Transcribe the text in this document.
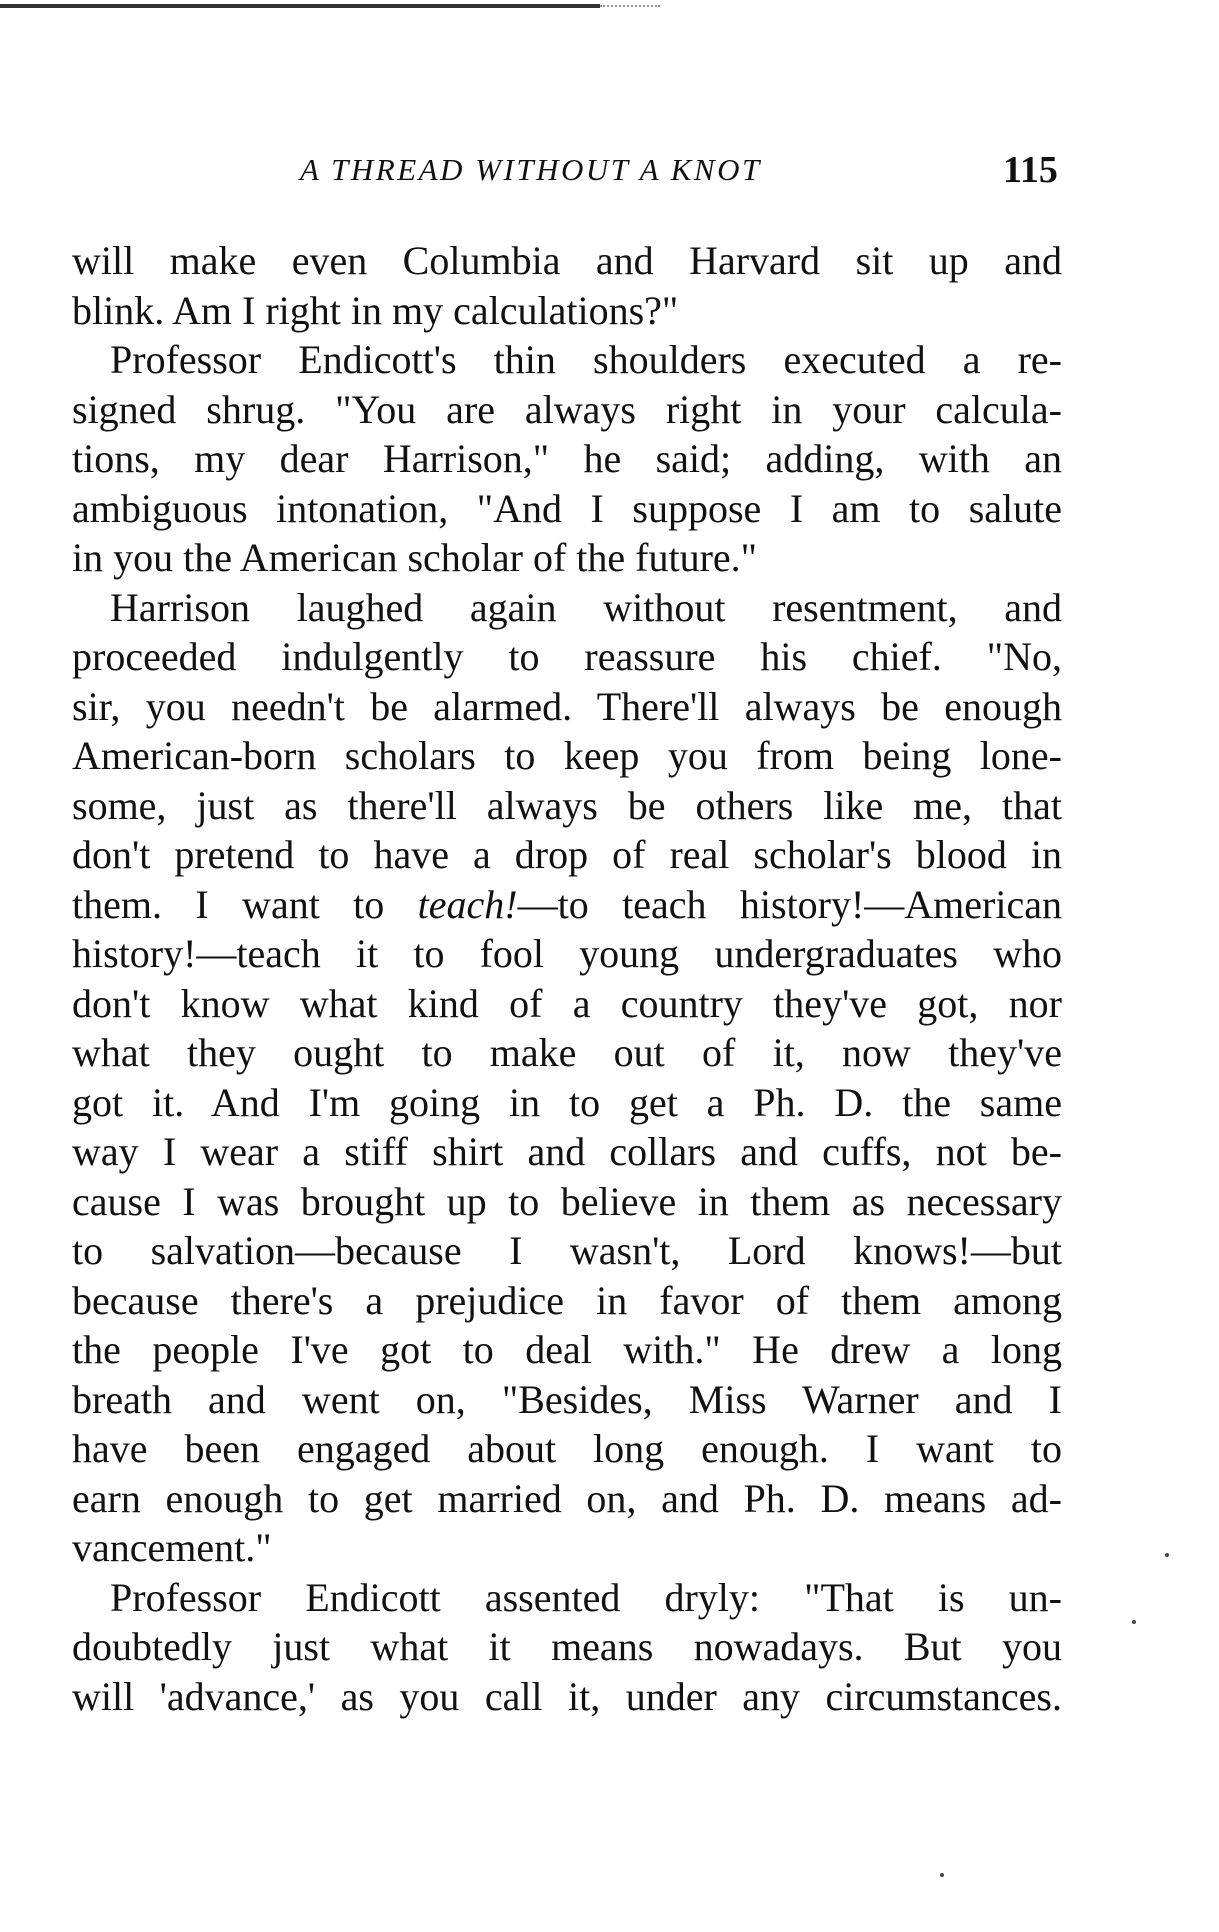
A THREAD WITHOUT A KNOT	115
will make even Columbia and Harvard sit up and
blink. Am I right in my calculations?"
Professor Endicott's thin shoulders executed a re-
signed shrug. "You are always right in your calcula-
tions, my dear Harrison," he said; adding, with an
ambiguous intonation, "And I suppose I am to salute
in you the American scholar of the future."
Harrison laughed again without resentment, and
proceeded indulgently to reassure his chief. "No,
sir, you needn't be alarmed. There'll always be enough
American-born scholars to keep you from being lone-
some, just as there'll always be others like me, that
don't pretend to have a drop of real scholar's blood in
them. I want to teach!—to teach history!—American
history!—teach it to fool young undergraduates who
don't know what kind of a country they've got, nor
what they ought to make out of it, now they've
got it. And I'm going in to get a Ph. D. the same
way I wear a stiff shirt and collars and cuffs, not be-
cause I was brought up to believe in them as necessary
to salvation—because I wasn't, Lord knows!—but
because there's a prejudice in favor of them among
the people I've got to deal with." He drew a long
breath and went on, "Besides, Miss Warner and I
have been engaged about long enough. I want to
earn enough to get married on, and Ph. D. means ad-
vancement."
Professor Endicott assented dryly: "That is un-
doubtedly just what it means nowadays. But you
will 'advance,' as you call it, under any circumstances.
